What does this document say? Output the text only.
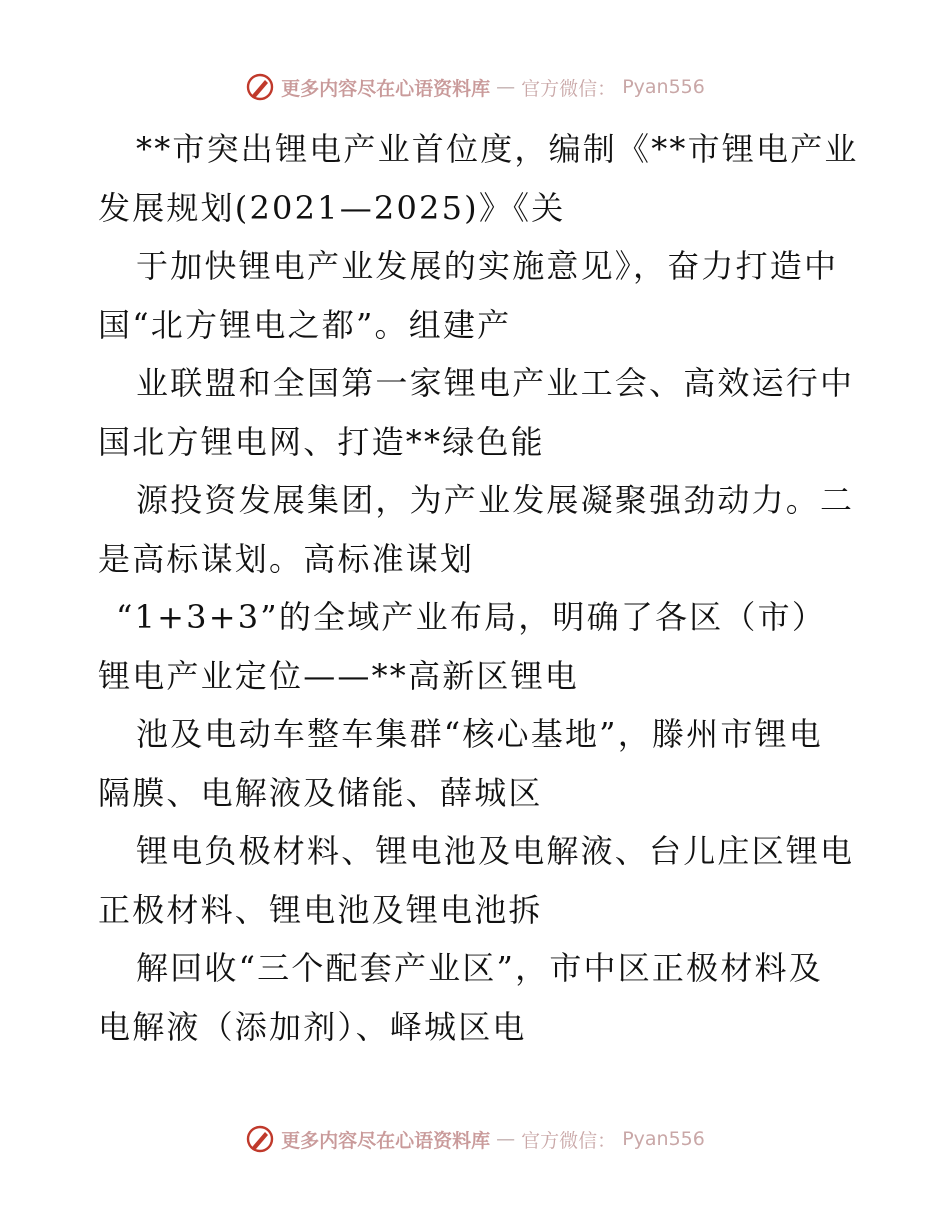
更多内容尽在心语资料库 — 官方微信： Pyan556

**市突出锂电产业首位度，编制《**市锂电产业

发展规划(2021—2025)》《关

于加快锂电产业发展的实施意见》，奋力打造中

国“北方锂电之都”。组建产

业联盟和全国第一家锂电产业工会、高效运行中

国北方锂电网、打造**绿色能

源投资发展集团，为产业发展凝聚强劲动力。二

是高标谋划。高标准谋划

“1+3+3”的全域产业布局，明确了各区（市）

锂电产业定位——**高新区锂电

池及电动车整车集群“核心基地”，滕州市锂电

隔膜、电解液及储能、薛城区

锂电负极材料、锂电池及电解液、台儿庄区锂电

正极材料、锂电池及锂电池拆

解回收“三个配套产业区”，市中区正极材料及

电解液（添加剂）、峄城区电

更多内容尽在心语资料库 — 官方微信： Pyan556
